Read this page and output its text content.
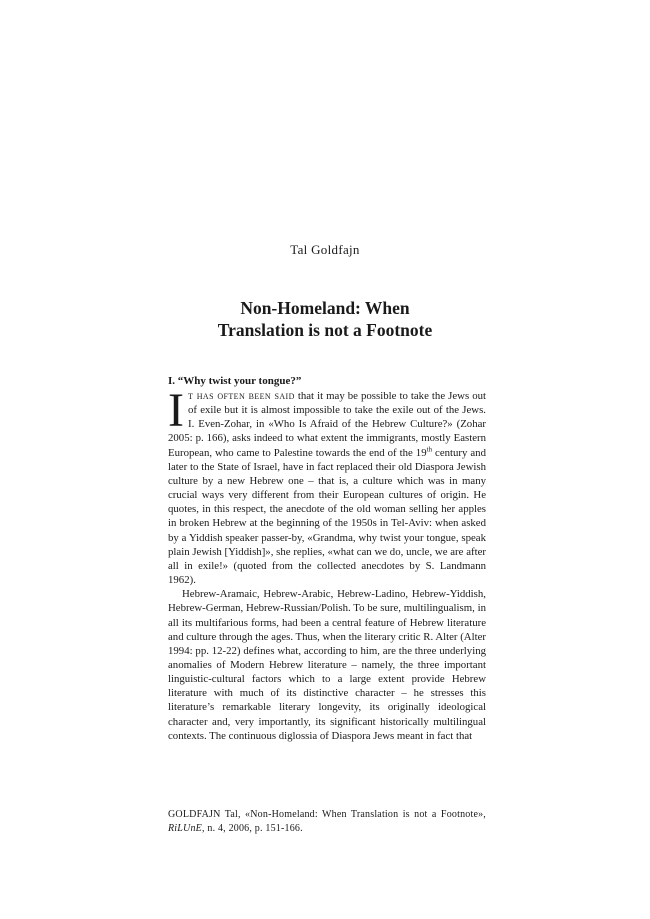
Tal Goldfajn
Non-Homeland: When
Translation is not a Footnote
I. “Why twist your tongue?”

It has often been said that it may be possible to take the Jews out of exile but it is almost impossible to take the exile out of the Jews. I. Even-Zohar, in «Who Is Afraid of the Hebrew Culture?» (Zohar 2005: p. 166), asks indeed to what extent the immigrants, mostly Eastern European, who came to Palestine towards the end of the 19th century and later to the State of Israel, have in fact replaced their old Diaspora Jewish culture by a new Hebrew one – that is, a culture which was in many crucial ways very different from their European cultures of origin. He quotes, in this respect, the anecdote of the old woman selling her apples in broken Hebrew at the beginning of the 1950s in Tel-Aviv: when asked by a Yiddish speaker passer-by, «Grandma, why twist your tongue, speak plain Jewish [Yiddish]», she replies, «what can we do, uncle, we are after all in exile!» (quoted from the collected anecdotes by S. Landmann 1962).

Hebrew-Aramaic, Hebrew-Arabic, Hebrew-Ladino, Hebrew-Yiddish, Hebrew-German, Hebrew-Russian/Polish. To be sure, multilingualism, in all its multifarious forms, had been a central feature of Hebrew literature and culture through the ages. Thus, when the literary critic R. Alter (Alter 1994: pp. 12-22) defines what, according to him, are the three underlying anomalies of Modern Hebrew literature – namely, the three important linguistic-cultural factors which to a large extent provide Hebrew literature with much of its distinctive character – he stresses this literature’s remarkable literary longevity, its originally ideological character and, very importantly, its significant historically multilingual contexts. The continuous diglossia of Diaspora Jews meant in fact that

GOLDFAJN Tal, «Non-Homeland: When Translation is not a Footnote», RiLUnE, n. 4, 2006, p. 151-166.
